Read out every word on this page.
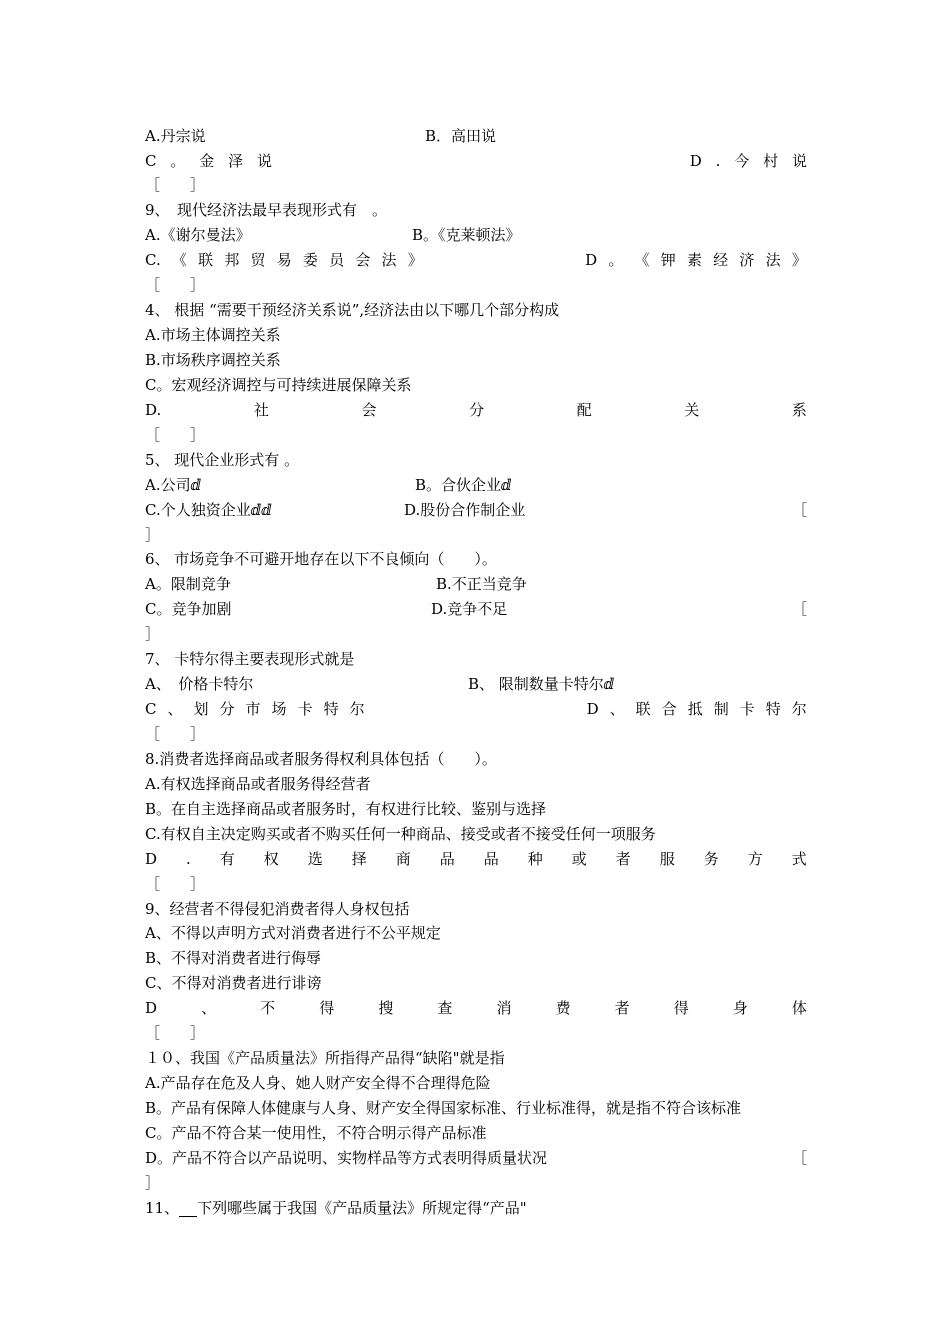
A.丹宗说	B．高田说
C 。 金 泽 说	D . 今 村 说
［　　］
9、　现代经济法最早表现形式有　。
A.《谢尔曼法》	B。《克莱顿法》
C. 《 联 邦 贸 易 委 员 会 法 》	D 。 《 钾 素 经 济 法 》
［　　］
4、 根据 “需要干预经济关系说”,经济法由以下哪几个部分构成
A.市场主体调控关系
B.市场秩序调控关系
C。宏观经济调控与可持续进展保障关系
D.	社	会	分	配	关	系
［　　］
5、 现代企业形式有 。
A.公司ⅆ	B。合伙企业ⅆ
C.个人独资企业ⅆⅆ	D.股份合作制企业	［
］
6、 市场竞争不可避开地存在以下不良倾向（　　）。
A。限制竞争	B.不正当竞争
C。竞争加剧	D.竞争不足	［
］
7、 卡特尔得主要表现形式就是
A、　价格卡特尔	B、 限制数量卡特尔ⅆ
C 、 划 分 市 场 卡 特 尔	D 、 联 合 抵 制 卡 特 尔
［　　］
8.消费者选择商品或者服务得权利具体包括（　　）。
A.有权选择商品或者服务得经营者
B。在自主选择商品或者服务时，有权进行比较、鉴别与选择
C.有权自主决定购买或者不购买任何一种商品、接受或者不接受任何一项服务
D . 有 权 选 择 商 品 品 种 或 者 服 务 方 式
［　　］
9、经营者不得侵犯消费者得人身权包括
A、不得以声明方式对消费者进行不公平规定
B、不得对消费者进行侮辱
C、不得对消费者进行诽谤
D	、	不	得	搜	查	消	费	者	得	身	体
［　　］
１０、我国《产品质量法》所指得产品得“缺陷"就是指
A.产品存在危及人身、她人财产安全得不合理得危险
B。产品有保障人体健康与人身、财产安全得国家标准、行业标准得，就是指不符合该标准
C。产品不符合某一使用性，不符合明示得产品标准
D。产品不符合以产品说明、实物样品等方式表明得质量状况	［
］
11、 下列哪些属于我国《产品质量法》所规定得“产品"
